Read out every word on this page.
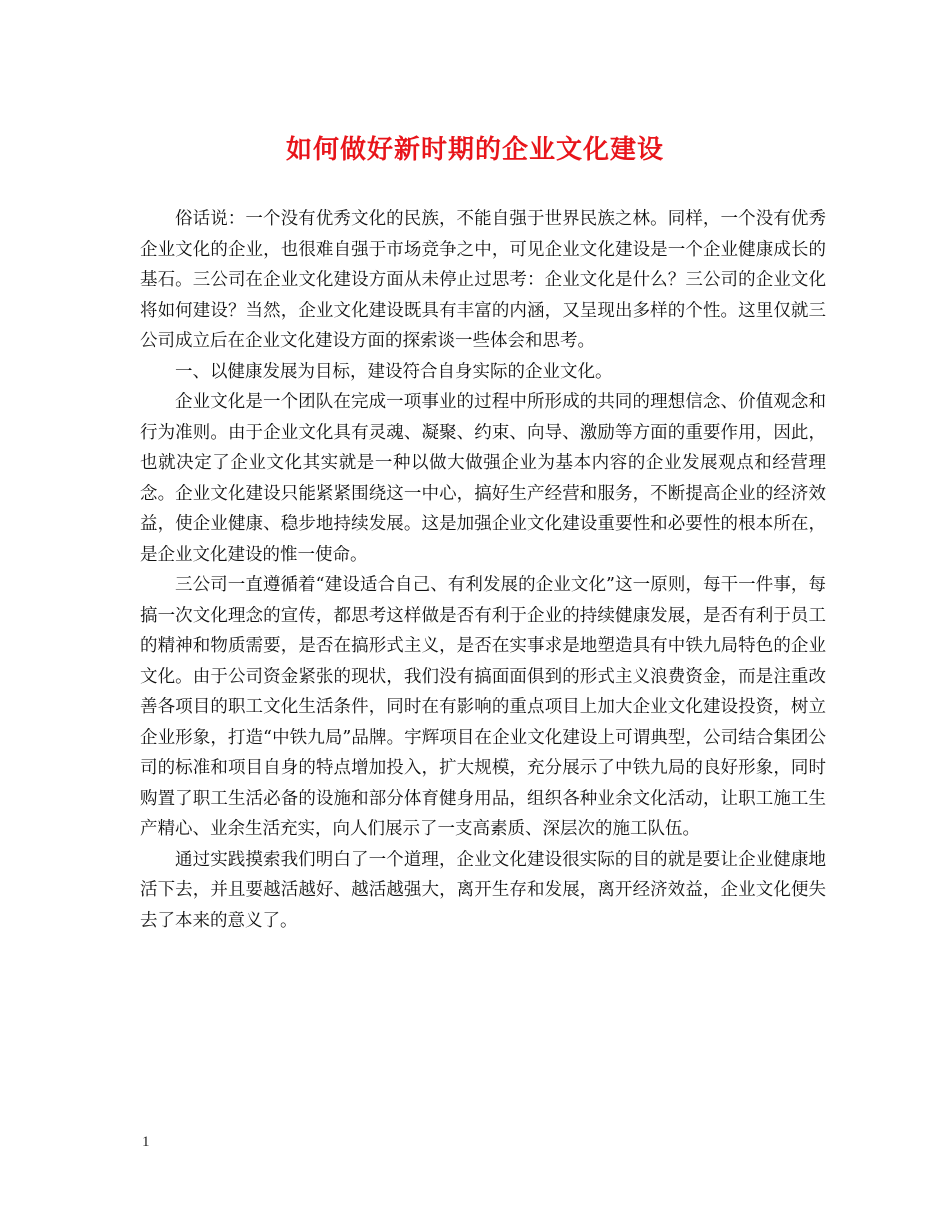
如何做好新时期的企业文化建设

俗话说：一个没有优秀文化的民族，不能自强于世界民族之林。同样，一个没有优秀企业文化的企业，也很难自强于市场竞争之中，可见企业文化建设是一个企业健康成长的基石。三公司在企业文化建设方面从未停止过思考：企业文化是什么？三公司的企业文化将如何建设？当然，企业文化建设既具有丰富的内涵，又呈现出多样的个性。这里仅就三公司成立后在企业文化建设方面的探索谈一些体会和思考。

一、以健康发展为目标，建设符合自身实际的企业文化。

企业文化是一个团队在完成一项事业的过程中所形成的共同的理想信念、价值观念和行为准则。由于企业文化具有灵魂、凝聚、约束、向导、激励等方面的重要作用，因此，也就决定了企业文化其实就是一种以做大做强企业为基本内容的企业发展观点和经营理念。企业文化建设只能紧紧围绕这一中心，搞好生产经营和服务，不断提高企业的经济效益，使企业健康、稳步地持续发展。这是加强企业文化建设重要性和必要性的根本所在，是企业文化建设的惟一使命。

三公司一直遵循着“建设适合自己、有利发展的企业文化”这一原则，每干一件事，每搞一次文化理念的宣传，都思考这样做是否有利于企业的持续健康发展，是否有利于员工的精神和物质需要，是否在搞形式主义，是否在实事求是地塑造具有中铁九局特色的企业文化。由于公司资金紧张的现状，我们没有搞面面俱到的形式主义浪费资金，而是注重改善各项目的职工文化生活条件，同时在有影响的重点项目上加大企业文化建设投资，树立企业形象，打造“中铁九局”品牌。宇辉项目在企业文化建设上可谓典型，公司结合集团公司的标准和项目自身的特点增加投入，扩大规模，充分展示了中铁九局的良好形象，同时购置了职工生活必备的设施和部分体育健身用品，组织各种业余文化活动，让职工施工生产精心、业余生活充实，向人们展示了一支高素质、深层次的施工队伍。

通过实践摸索我们明白了一个道理，企业文化建设很实际的目的就是要让企业健康地活下去，并且要越活越好、越活越强大，离开生存和发展，离开经济效益，企业文化便失去了本来的意义了。

1
